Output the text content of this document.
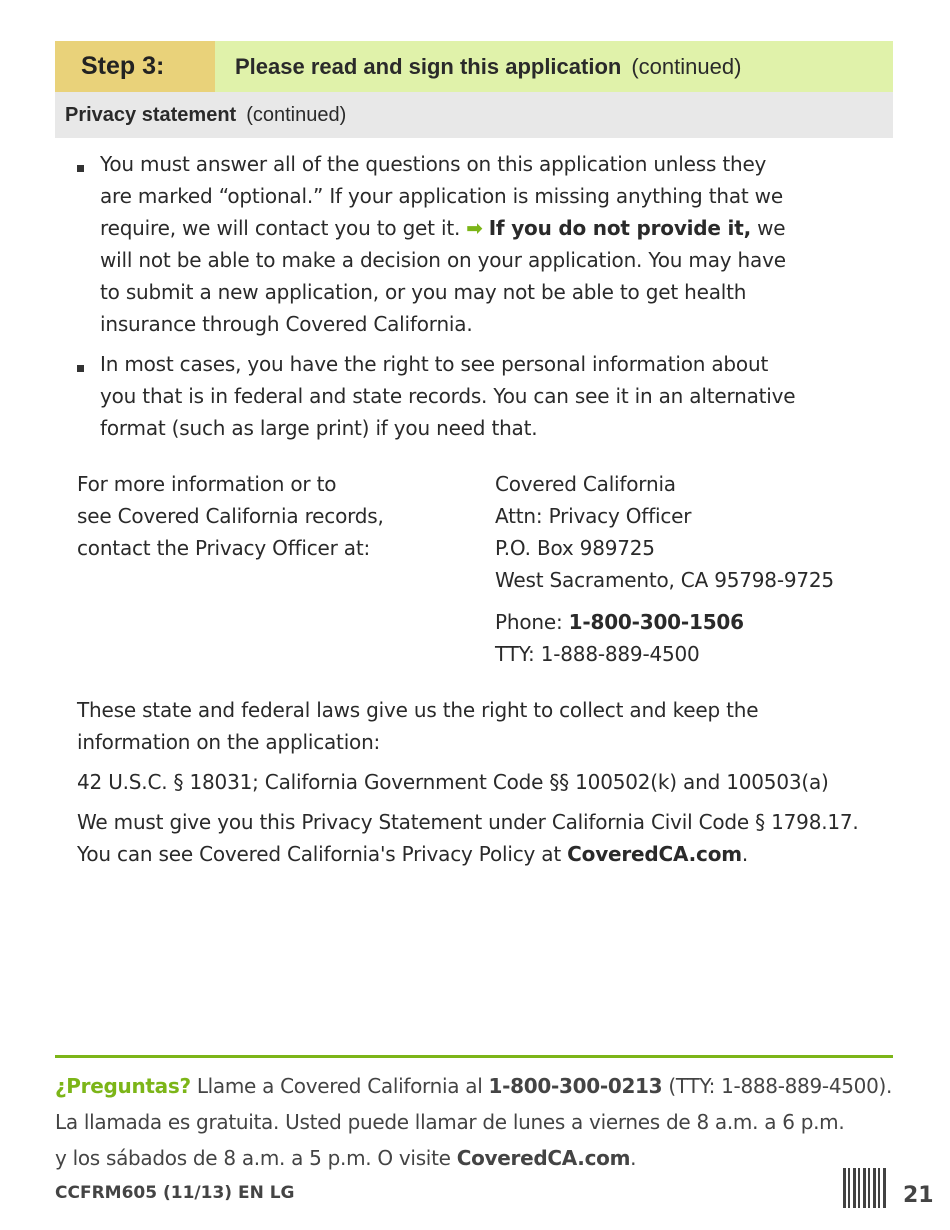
Step 3:	Please read and sign this application (continued)
Privacy statement (continued)
You must answer all of the questions on this application unless they
are marked “optional.” If your application is missing anything that we
require, we will contact you to get it. ➡ If you do not provide it, we
will not be able to make a decision on your application. You may have
to submit a new application, or you may not be able to get health
insurance through Covered California.
In most cases, you have the right to see personal information about
you that is in federal and state records. You can see it in an alternative
format (such as large print) if you need that.
For more information or to
see Covered California records,
contact the Privacy Officer at:
Covered California
Attn: Privacy Officer
P.O. Box 989725
West Sacramento, CA 95798-9725
Phone: 1-800-300-1506
TTY: 1-888-889-4500
These state and federal laws give us the right to collect and keep the
information on the application:
42 U.S.C. § 18031; California Government Code §§ 100502(k) and 100503(a)
We must give you this Privacy Statement under California Civil Code § 1798.17.
You can see Covered California's Privacy Policy at CoveredCA.com.
¿Preguntas? Llame a Covered California al 1-800-300-0213 (TTY: 1-888-889-4500).
La llamada es gratuita. Usted puede llamar de lunes a viernes de 8 a.m. a 6 p.m.
y los sábados de 8 a.m. a 5 p.m. O visite CoveredCA.com.
CCFRM605 (11/13) EN LG	21
